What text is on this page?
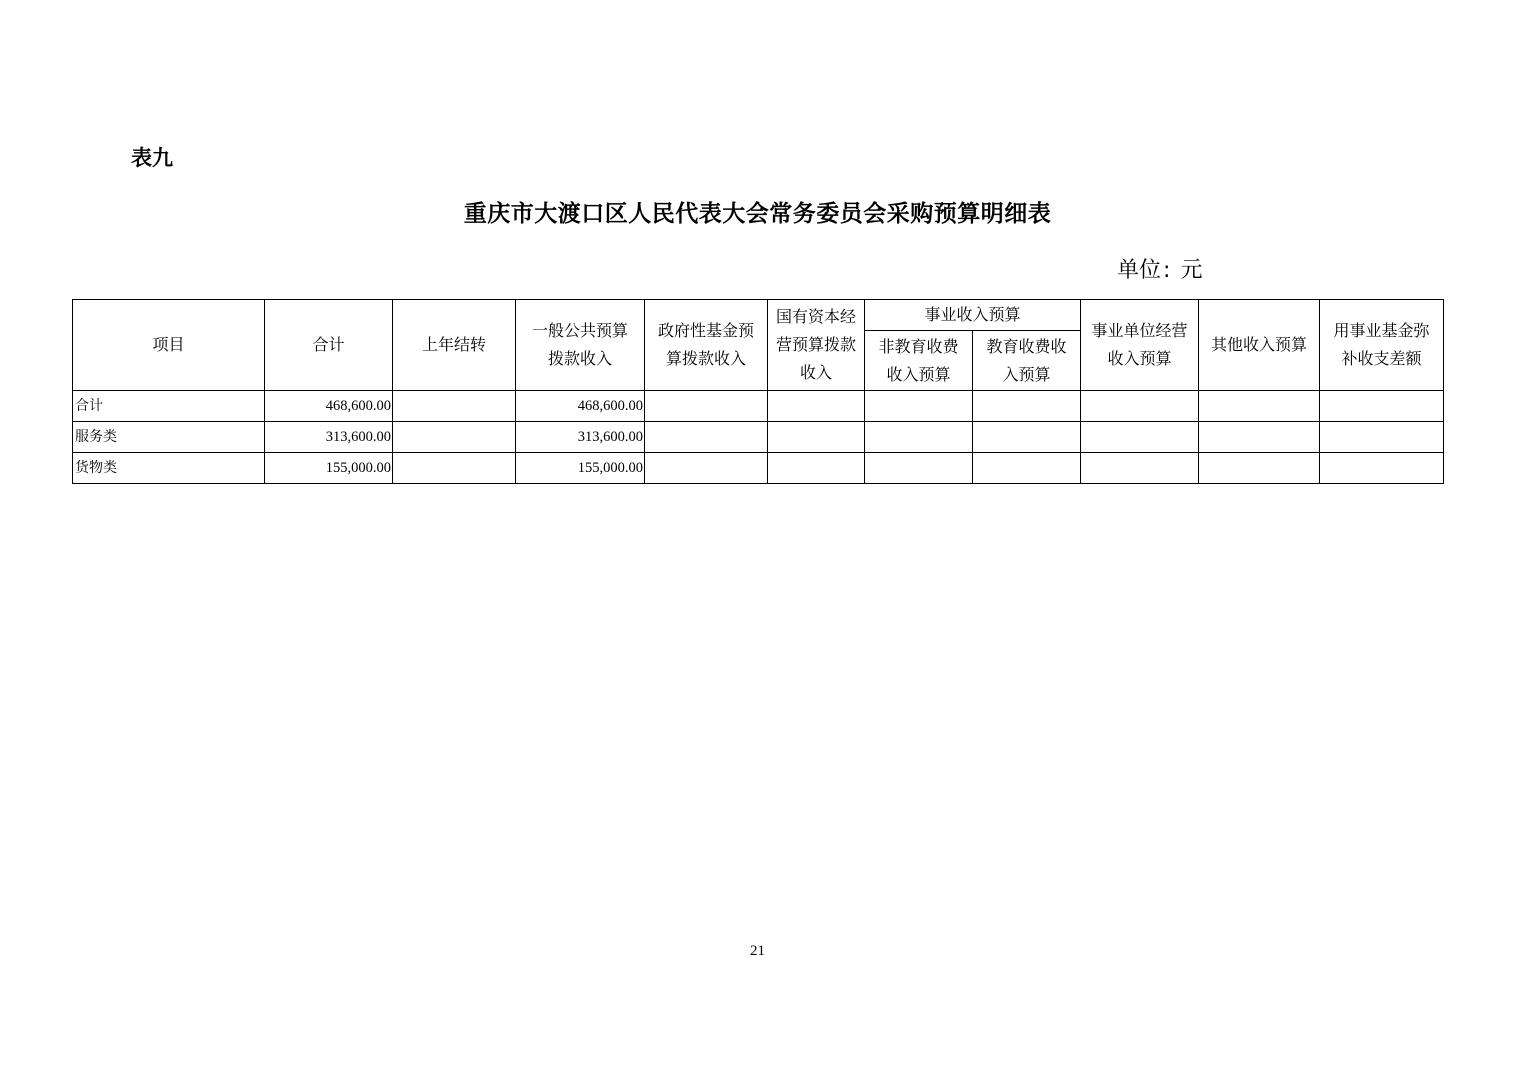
表九
重庆市大渡口区人民代表大会常务委员会采购预算明细表
单位: 元
项目	合计	上年结转	一般公共预算拨款收入	政府性基金预算拨款收入	国有资本经营预算拨款收入	事业收入预算		事业单位经营收入预算	其他收入预算	用事业基金弥补收支差额
						非教育收费收入预算	教育收费收入预算			
合计	468,600.00		468,600.00							
服务类	313,600.00		313,600.00							
货物类	155,000.00		155,000.00							
21
